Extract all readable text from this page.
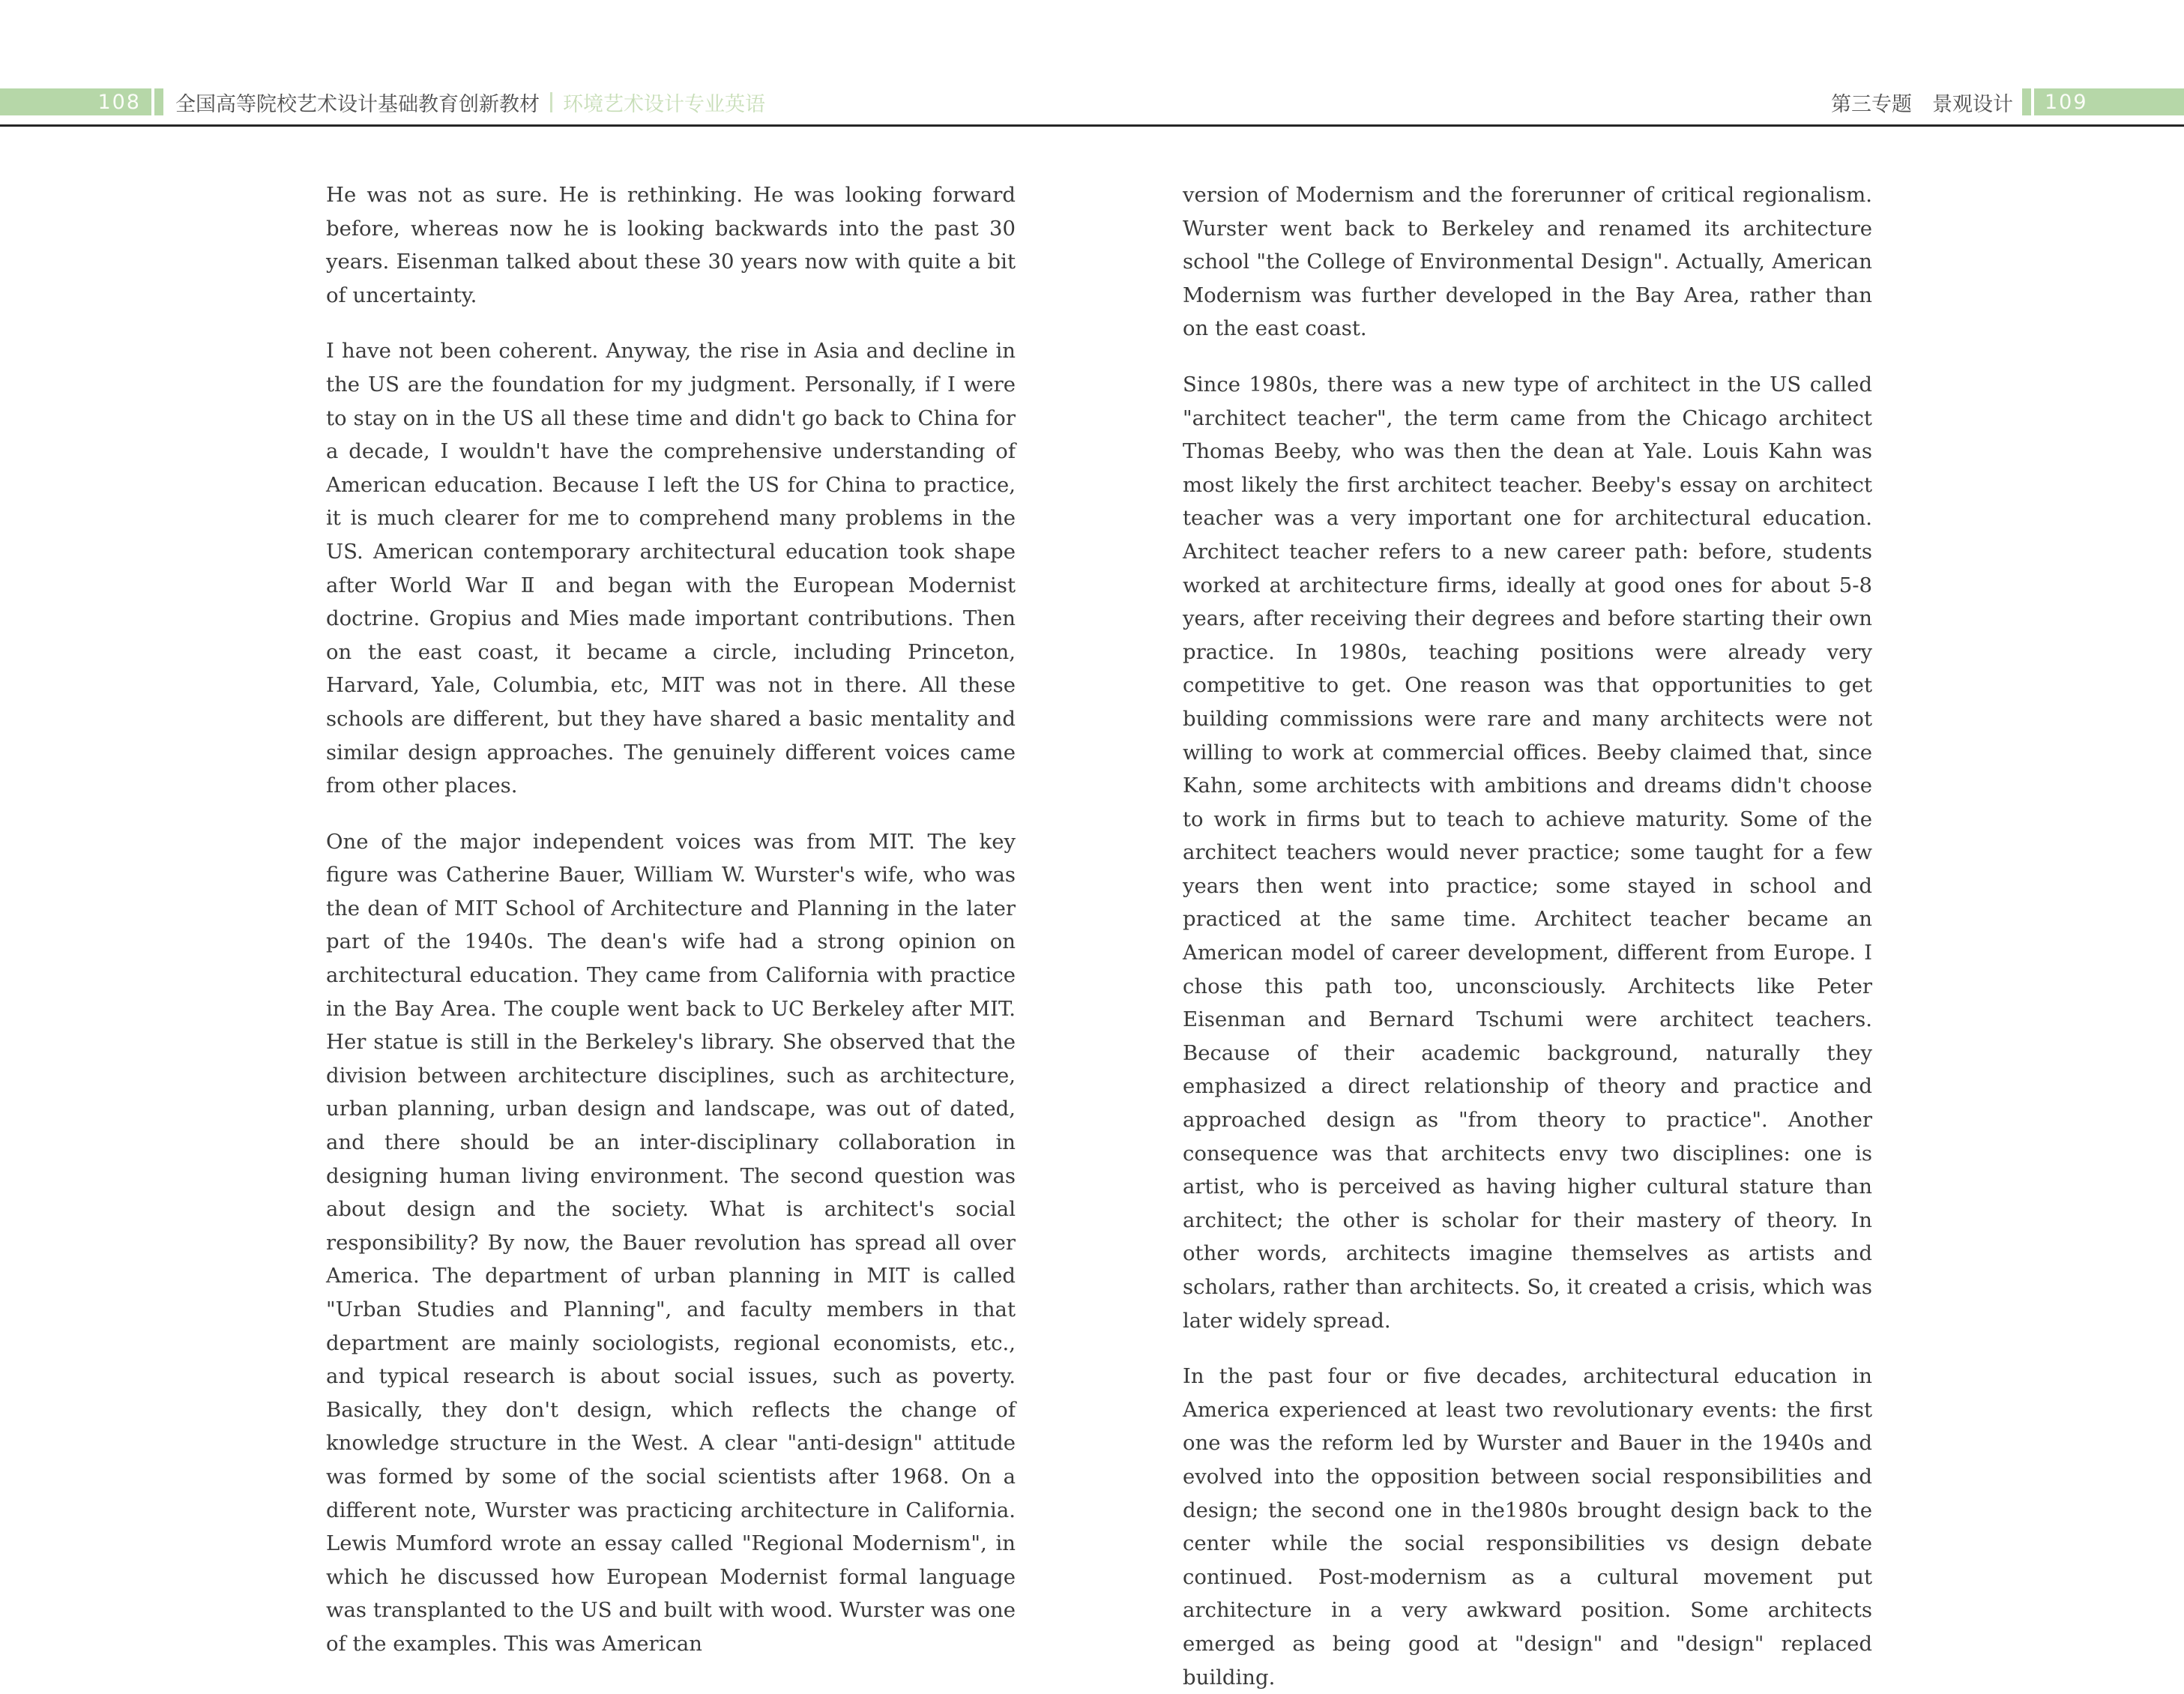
第三专题　景观设计
108 全国高等院校艺术设计基础教育创新教材 环境艺术设计专业英语	109

He was not as sure. He is rethinking. He was looking forward before, whereas now he is looking backwards into the past 30 years. Eisenman talked about these 30 years now with quite a bit of uncertainty.

I have not been coherent. Anyway, the rise in Asia and decline in the US are the foundation for my judgment. Personally, if I were to stay on in the US all these time and didn't go back to China for a decade, I wouldn't have the comprehensive understanding of American education. Because I left the US for China to practice, it is much clearer for me to comprehend many problems in the US. American contemporary architectural education took shape after World War Ⅱ and began with the European Modernist doctrine. Gropius and Mies made important contributions. Then on the east coast, it became a circle, including Princeton, Harvard, Yale, Columbia, etc, MIT was not in there. All these schools are different, but they have shared a basic mentality and similar design approaches. The genuinely different voices came from other places.

One of the major independent voices was from MIT. The key figure was Catherine Bauer, William W. Wurster's wife, who was the dean of MIT School of Architecture and Planning in the later part of the 1940s. The dean's wife had a strong opinion on architectural education. They came from California with practice in the Bay Area. The couple went back to UC Berkeley after MIT. Her statue is still in the Berkeley's library. She observed that the division between architecture disciplines, such as architecture, urban planning, urban design and landscape, was out of dated, and there should be an inter-disciplinary collaboration in designing human living environment. The second question was about design and the society. What is architect's social responsibility? By now, the Bauer revolution has spread all over America. The department of urban planning in MIT is called "Urban Studies and Planning", and faculty members in that department are mainly sociologists, regional economists, etc., and typical research is about social issues, such as poverty. Basically, they don't design, which reflects the change of knowledge structure in the West. A clear "anti-design" attitude was formed by some of the social scientists after 1968. On a different note, Wurster was practicing architecture in California. Lewis Mumford wrote an essay called "Regional Modernism", in which he discussed how European Modernist formal language was transplanted to the US and built with wood. Wurster was one of the examples. This was American

version of Modernism and the forerunner of critical regionalism. Wurster went back to Berkeley and renamed its architecture school "the College of Environmental Design". Actually, American Modernism was further developed in the Bay Area, rather than on the east coast.

Since 1980s, there was a new type of architect in the US called "architect teacher", the term came from the Chicago architect Thomas Beeby, who was then the dean at Yale. Louis Kahn was most likely the first architect teacher. Beeby's essay on architect teacher was a very important one for architectural education. Architect teacher refers to a new career path: before, students worked at architecture firms, ideally at good ones for about 5-8 years, after receiving their degrees and before starting their own practice. In 1980s, teaching positions were already very competitive to get. One reason was that opportunities to get building commissions were rare and many architects were not willing to work at commercial offices. Beeby claimed that, since Kahn, some architects with ambitions and dreams didn't choose to work in firms but to teach to achieve maturity. Some of the architect teachers would never practice; some taught for a few years then went into practice; some stayed in school and practiced at the same time. Architect teacher became an American model of career development, different from Europe. I chose this path too, unconsciously. Architects like Peter Eisenman and Bernard Tschumi were architect teachers. Because of their academic background, naturally they emphasized a direct relationship of theory and practice and approached design as "from theory to practice". Another consequence was that architects envy two disciplines: one is artist, who is perceived as having higher cultural stature than architect; the other is scholar for their mastery of theory. In other words, architects imagine themselves as artists and scholars, rather than architects. So, it created a crisis, which was later widely spread.

In the past four or five decades, architectural education in America experienced at least two revolutionary events: the first one was the reform led by Wurster and Bauer in the 1940s and evolved into the opposition between social responsibilities and design; the second one in the1980s brought design back to the center while the social responsibilities vs design debate continued. Post-modernism as a cultural movement put architecture in a very awkward position. Some architects emerged as being good at "design" and "design" replaced building.
